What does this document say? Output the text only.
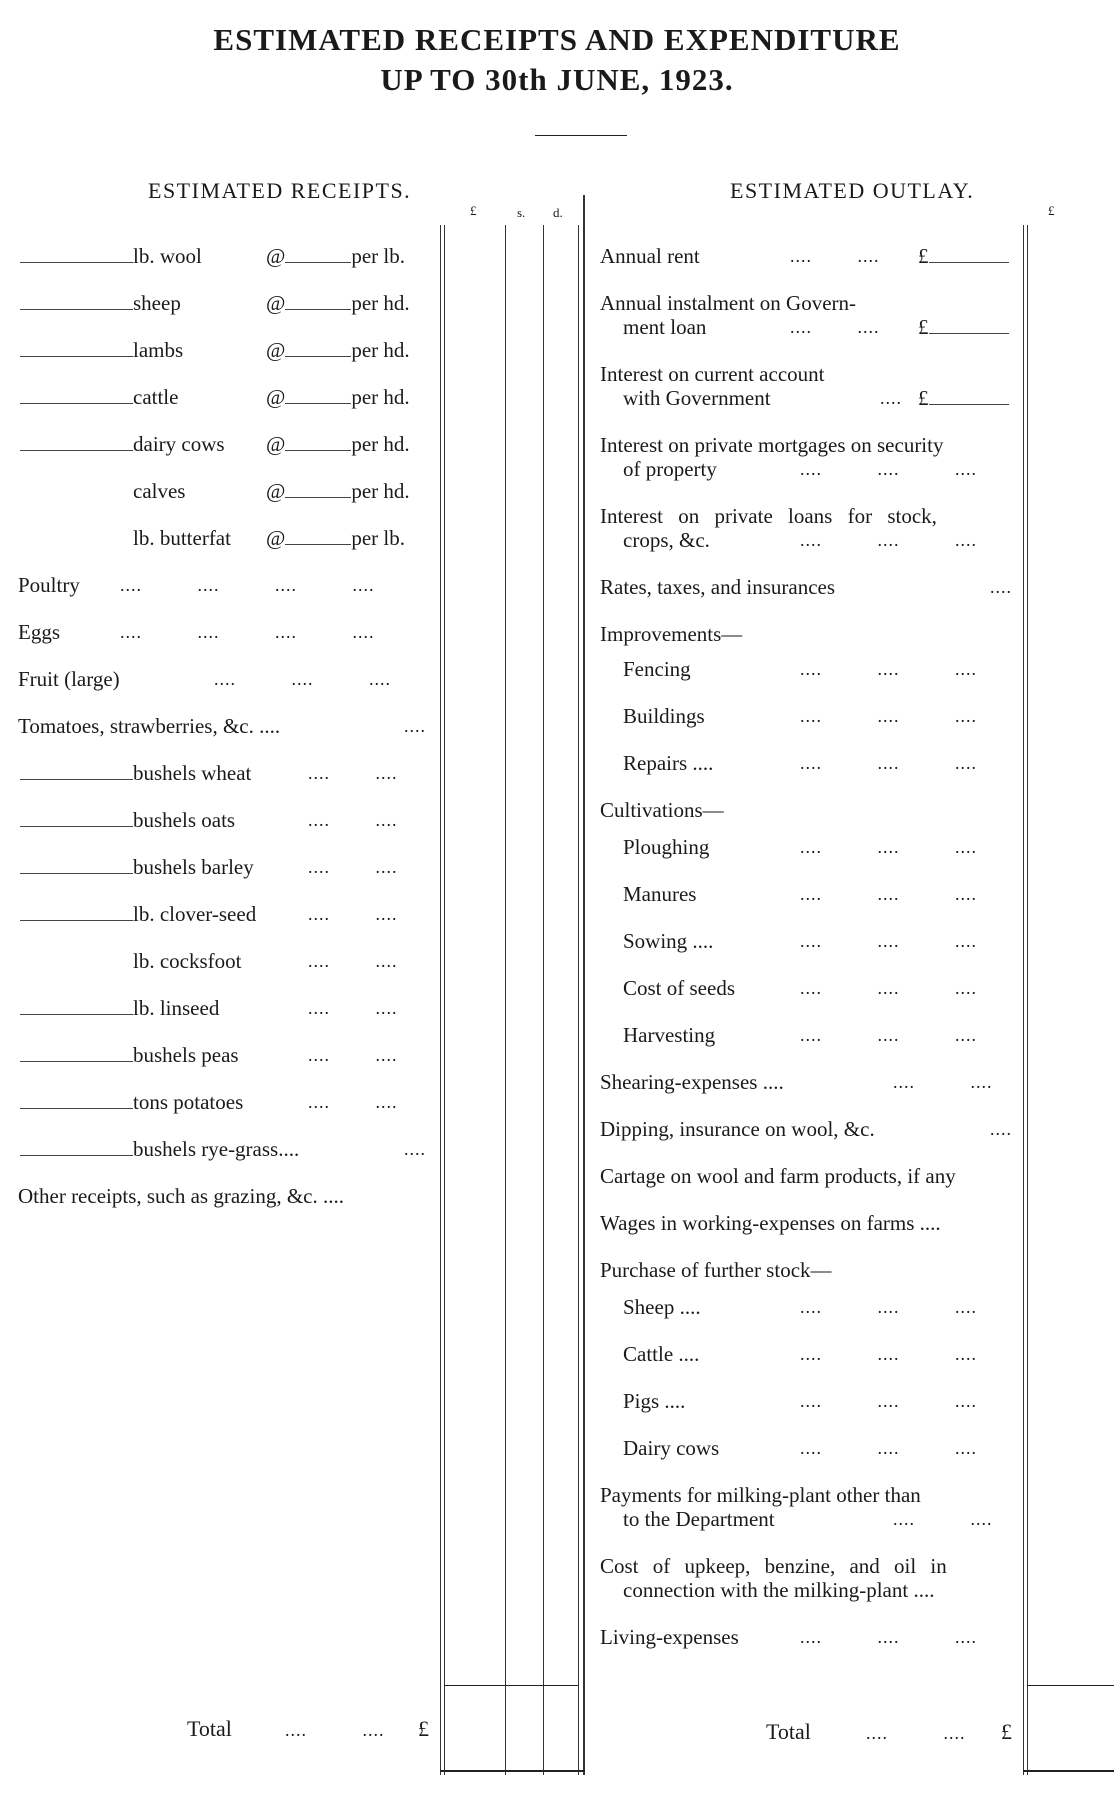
ESTIMATED RECEIPTS AND EXPENDITURE
UP TO 30th JUNE, 1923.
ESTIMATED RECEIPTS.	ESTIMATED OUTLAY.
£	s. d.	£
lb. wool	@	per lb.
sheep	@	per hd.
lambs	@	per hd.
cattle	@	per hd.
dairy cows @	per hd.
calves	@	per hd.
lb. butterfat @	per lb.
Poultry .... .... .... ....
Eggs	.... .... .... ....
Fruit (large)	.... .... ....
Tomatoes, strawberries, &c. ....	....
bushels wheat	.... ....
bushels oats	.... ....
bushels barley	.... ....
lb. clover-seed	.... ....
lb. cocksfoot	.... ....
lb. linseed	.... ....
bushels peas	.... ....
tons potatoes	.... ....
bushels rye-grass....	....
Other receipts, such as grazing, &c. ....
Total	.... .... £
Annual rent	.... .... £
Annual instalment on Govern-
ment loan	.... .... £
Interest on current account
with Government	.... £
Interest on private mortgages on security
of property	.... .... ....
Interest on private loans for stock,
crops, &c.	.... .... ....
Rates, taxes, and insurances	....
Improvements—
Fencing	.... .... ....
Buildings	.... .... ....
Repairs ....	.... .... ....
Cultivations—
Ploughing	.... .... ....
Manures	.... .... ....
Sowing ....	.... .... ....
Cost of seeds	.... .... ....
Harvesting	.... .... ....
Shearing-expenses ....	.... ....
Dipping, insurance on wool, &c.	....
Cartage on wool and farm products, if any
Wages in working-expenses on farms ....
Purchase of further stock—
Sheep ....	.... .... ....
Cattle ....	.... .... ....
Pigs ....	.... .... ....
Dairy cows	.... .... ....
Payments for milking-plant other than
to the Department	.... ....
Cost of upkeep, benzine, and oil in
connection with the milking-plant ....
Living-expenses	.... .... ....
Total	.... .... £
